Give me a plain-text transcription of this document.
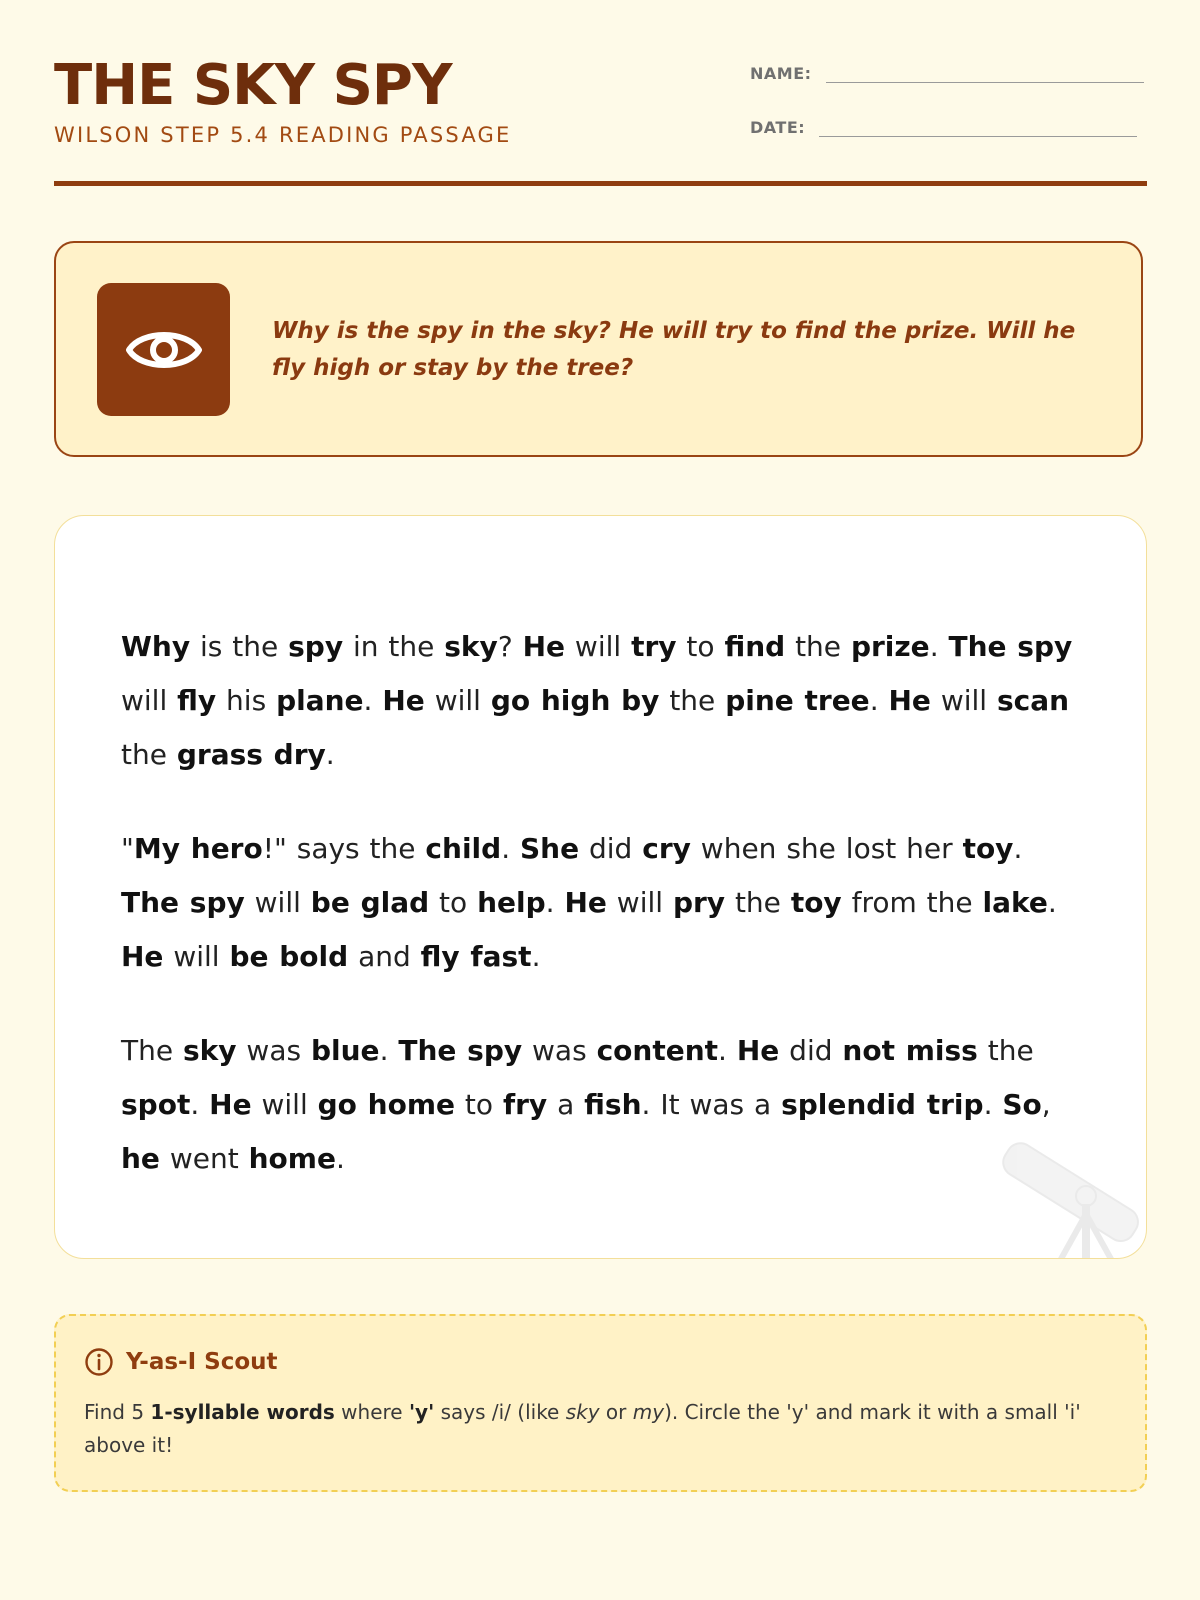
THE SKY SPY
WILSON STEP 5.4 READING PASSAGE
NAME:
DATE:
Why is the spy in the sky? He will try to find the prize. Will he fly high or stay by the tree?

Why is the spy in the sky? He will try to find the prize. The spy will fly his plane. He will go high by the pine tree. He will scan the grass dry.

"My hero!" says the child. She did cry when she lost her toy. The spy will be glad to help. He will pry the toy from the lake. He will be bold and fly fast.

The sky was blue. The spy was content. He did not miss the spot. He will go home to fry a fish. It was a splendid trip. So, he went home.

Y-as-I Scout
Find 5 1-syllable words where 'y' says /i/ (like sky or my). Circle the 'y' and mark it with a small 'i' above it!
